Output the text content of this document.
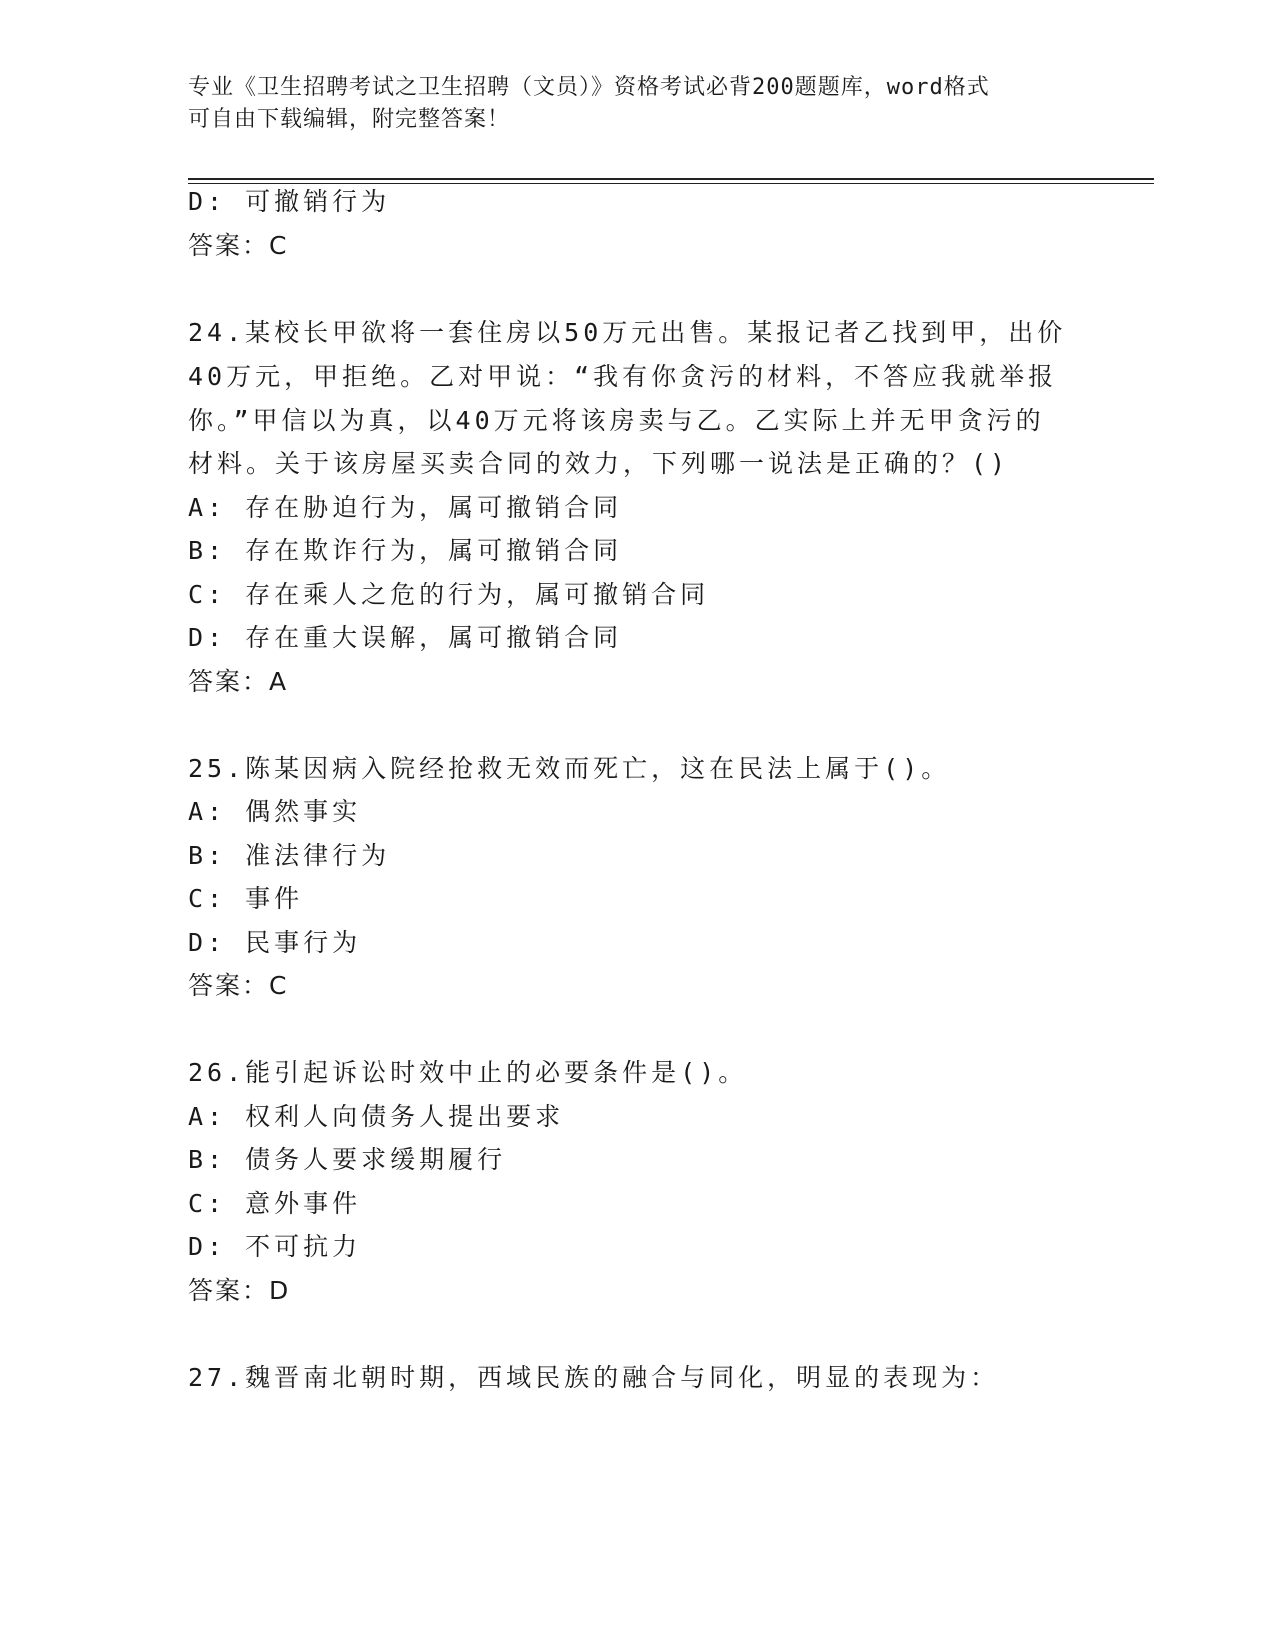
专业《卫生招聘考试之卫生招聘（文员）》资格考试必背200题题库，word格式
可自由下载编辑，附完整答案！
D: 可撤销行为
答案：C
24.某校长甲欲将一套住房以50万元出售。某报记者乙找到甲，出价
40万元，甲拒绝。乙对甲说：“我有你贪污的材料，不答应我就举报
你。”甲信以为真，以40万元将该房卖与乙。乙实际上并无甲贪污的
材料。关于该房屋买卖合同的效力，下列哪一说法是正确的？()
A: 存在胁迫行为，属可撤销合同
B: 存在欺诈行为，属可撤销合同
C: 存在乘人之危的行为，属可撤销合同
D: 存在重大误解，属可撤销合同
答案：A
25.陈某因病入院经抢救无效而死亡，这在民法上属于()。
A: 偶然事实
B: 准法律行为
C: 事件
D: 民事行为
答案：C
26.能引起诉讼时效中止的必要条件是()。
A: 权利人向债务人提出要求
B: 债务人要求缓期履行
C: 意外事件
D: 不可抗力
答案：D
27.魏晋南北朝时期，西域民族的融合与同化，明显的表现为：
